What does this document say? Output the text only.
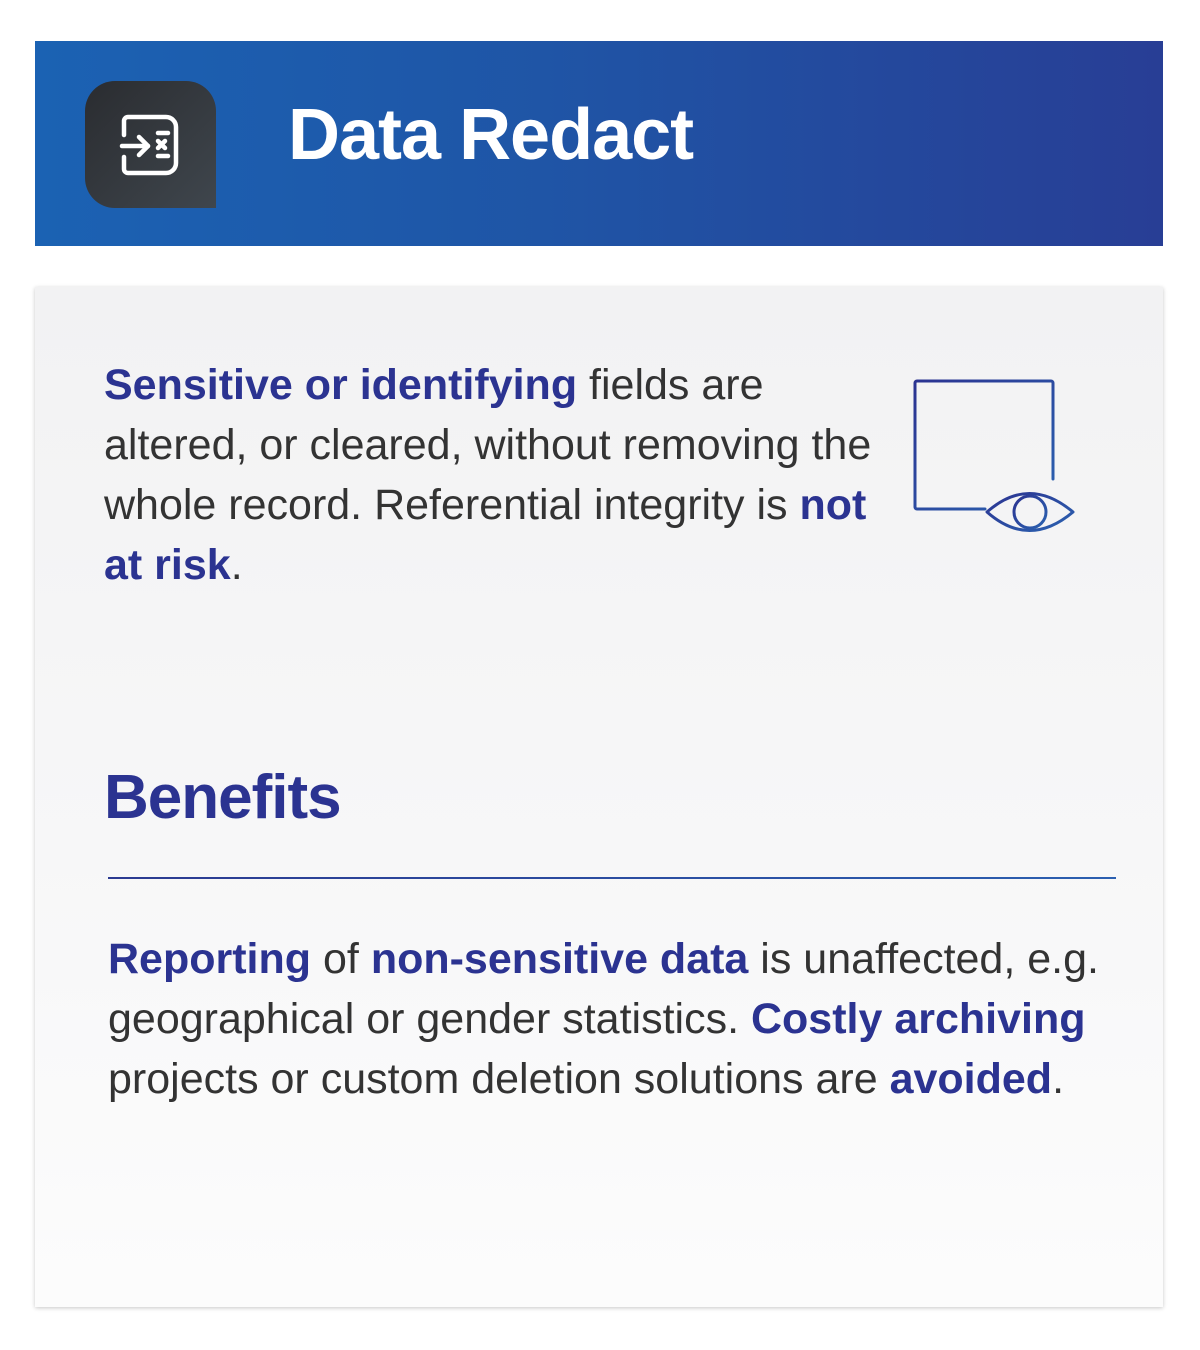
Data Redact

Sensitive or identifying fields are altered, or cleared, without removing the whole record. Referential integrity is not at risk.

Benefits

Reporting of non-sensitive data is unaffected, e.g. geographical or gender statistics. Costly archiving projects or custom deletion solutions are avoided.
